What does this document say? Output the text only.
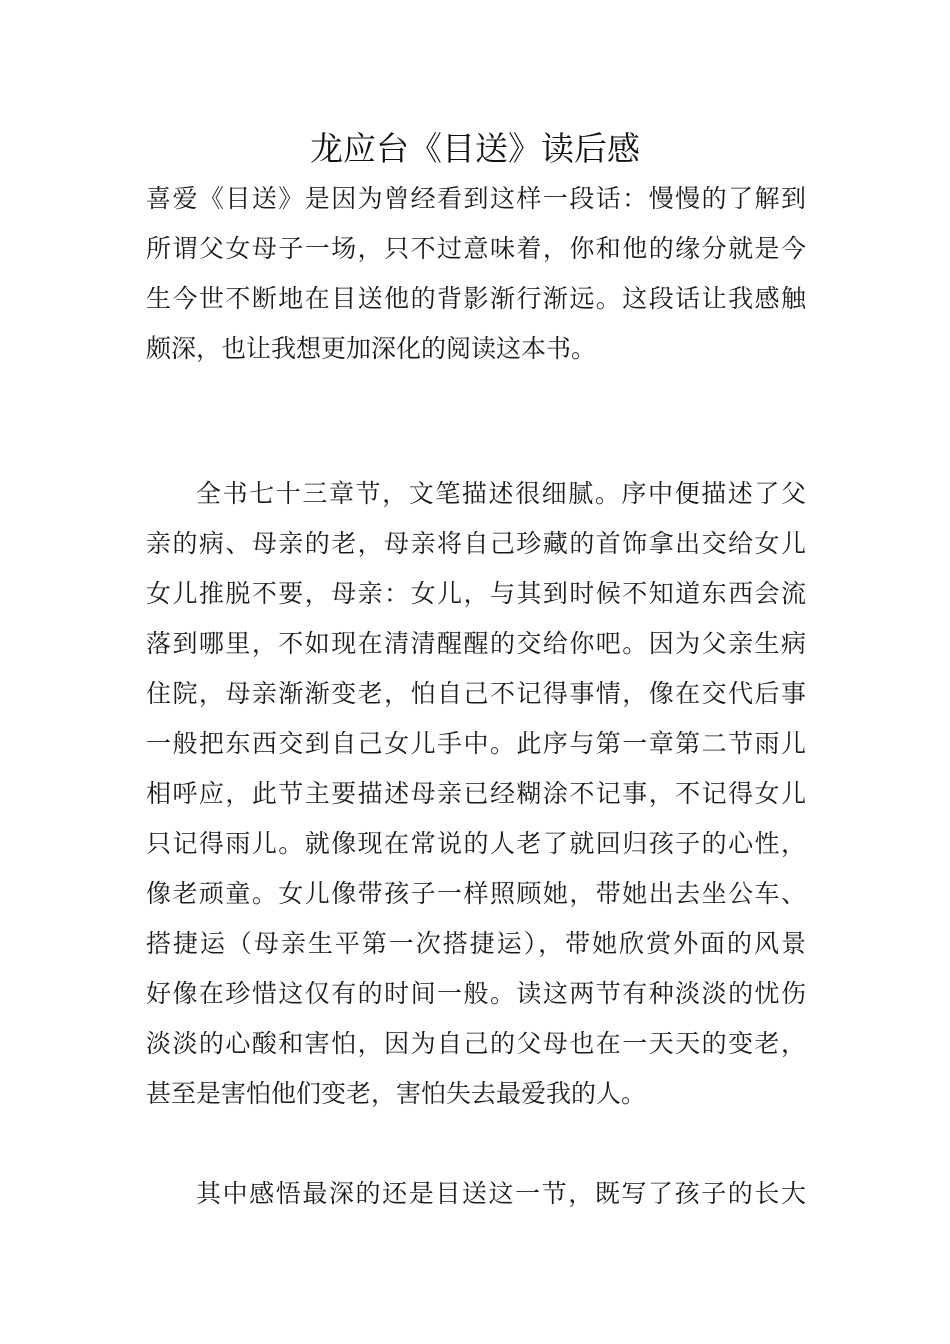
龙应台《目送》读后感

喜爱《目送》是因为曾经看到这样一段话：慢慢的了解到

所谓父女母子一场，只不过意味着，你和他的缘分就是今

生今世不断地在目送他的背影渐行渐远。这段话让我感触

颇深，也让我想更加深化的阅读这本书。

全书七十三章节，文笔描述很细腻。序中便描述了父

亲的病、母亲的老，母亲将自己珍藏的首饰拿出交给女儿

女儿推脱不要，母亲：女儿，与其到时候不知道东西会流

落到哪里，不如现在清清醒醒的交给你吧。因为父亲生病

住院，母亲渐渐变老，怕自己不记得事情，像在交代后事

一般把东西交到自己女儿手中。此序与第一章第二节雨儿

相呼应，此节主要描述母亲已经糊涂不记事，不记得女儿

只记得雨儿。就像现在常说的人老了就回归孩子的心性，

像老顽童。女儿像带孩子一样照顾她，带她出去坐公车、

搭捷运（母亲生平第一次搭捷运），带她欣赏外面的风景

好像在珍惜这仅有的时间一般。读这两节有种淡淡的忧伤

淡淡的心酸和害怕，因为自己的父母也在一天天的变老，

甚至是害怕他们变老，害怕失去最爱我的人。

其中感悟最深的还是目送这一节，既写了孩子的长大
